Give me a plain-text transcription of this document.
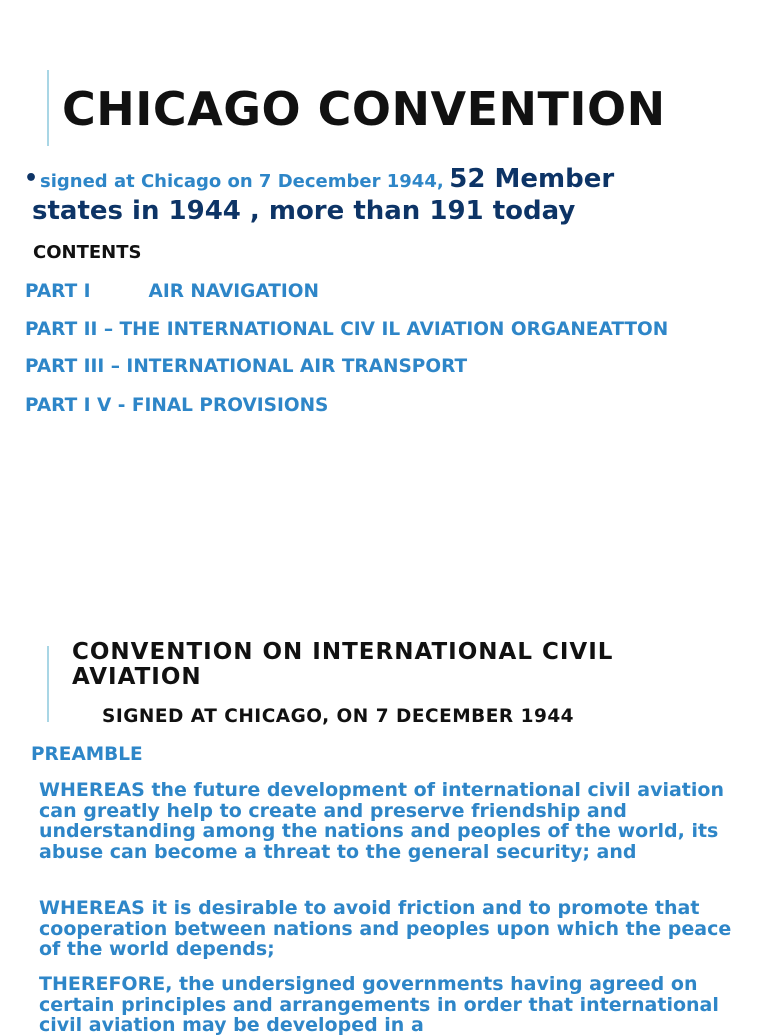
CHICAGO CONVENTION
• signed at Chicago on 7 December 1944, 52 Member
states in 1944 , more than 191 today
CONTENTS
PART I	AIR NAVIGATION
PART II – THE INTERNATIONAL CIV IL AVIATION ORGANEATTON
PART III – INTERNATIONAL AIR TRANSPORT
PART I V - FINAL PROVISIONS
CONVENTION ON INTERNATIONAL CIVIL AVIATION
SIGNED AT CHICAGO, ON 7 DECEMBER 1944
PREAMBLE
WHEREAS the future development of international civil aviation can greatly help to create and preserve friendship and understanding among the nations and peoples of the world, its abuse can become a threat to the general security; and
WHEREAS it is desirable to avoid friction and to promote that cooperation between nations and peoples upon which the peace of the world depends;
THEREFORE, the undersigned governments having agreed on certain principles and arrangements in order that international civil aviation may be developed in a
